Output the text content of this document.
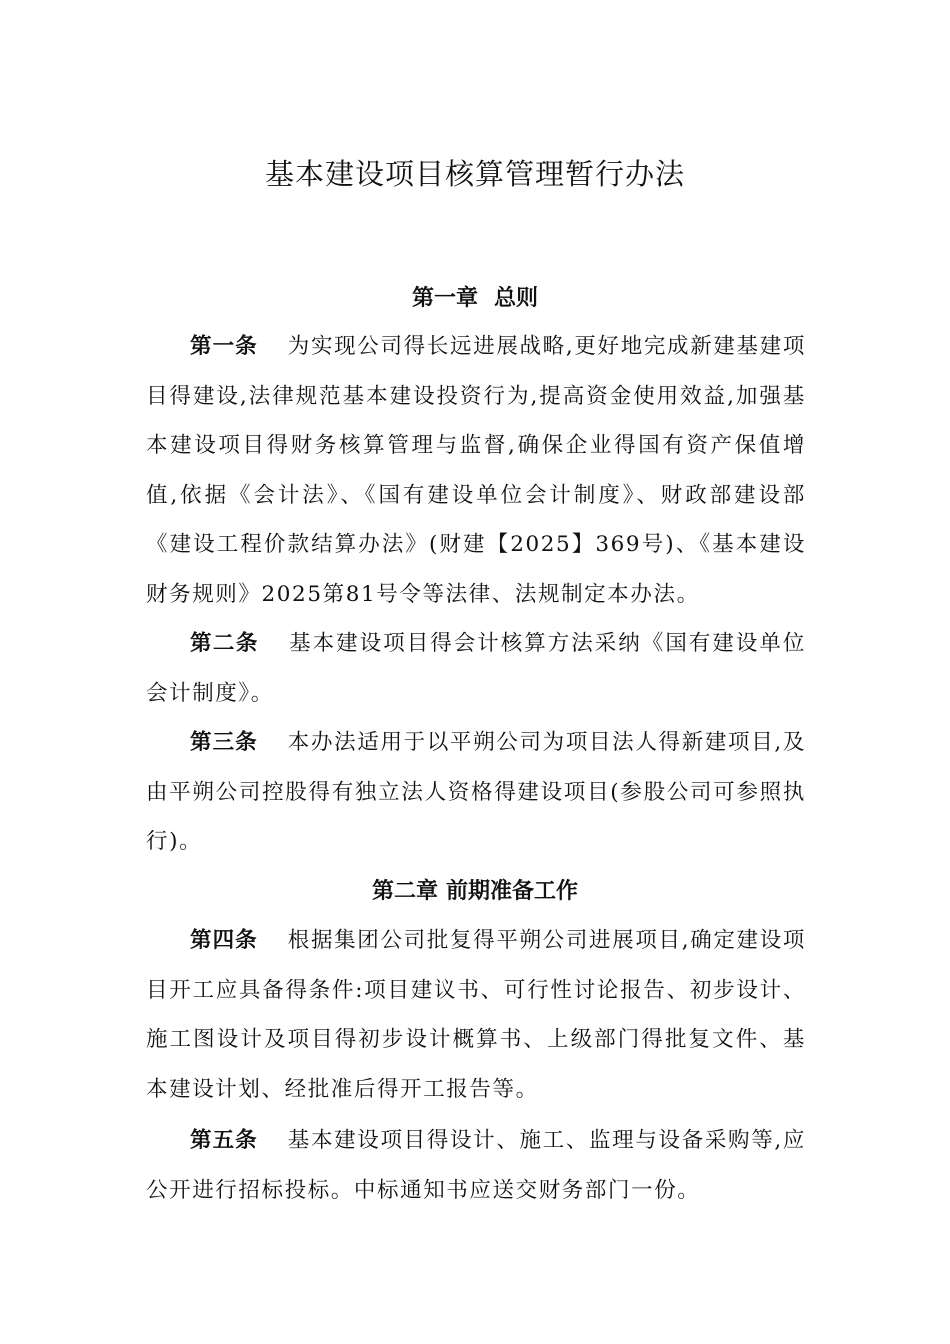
基本建设项目核算管理暂行办法
第一章 总则

第一条 为实现公司得长远进展战略,更好地完成新建基建项目得建设,法律规范基本建设投资行为,提高资金使用效益,加强基本建设项目得财务核算管理与监督,确保企业得国有资产保值增值,依据《会计法》、《国有建设单位会计制度》、财政部建设部《建设工程价款结算办法》(财建【2025】369号)、《基本建设财务规则》2025第81号令等法律、法规制定本办法。

第二条 基本建设项目得会计核算方法采纳《国有建设单位会计制度》。

第三条 本办法适用于以平朔公司为项目法人得新建项目,及由平朔公司控股得有独立法人资格得建设项目(参股公司可参照执行)。

第二章 前期准备工作

第四条 根据集团公司批复得平朔公司进展项目,确定建设项目开工应具备得条件:项目建议书、可行性讨论报告、初步设计、施工图设计及项目得初步设计概算书、上级部门得批复文件、基本建设计划、经批准后得开工报告等。

第五条 基本建设项目得设计、施工、监理与设备采购等,应公开进行招标投标。中标通知书应送交财务部门一份。
